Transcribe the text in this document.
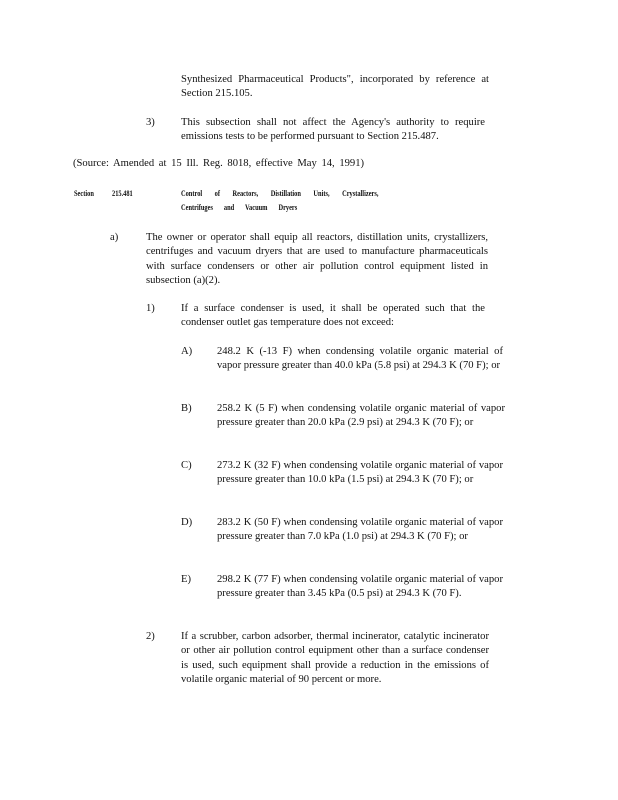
Synthesized Pharmaceutical Products", incorporated by reference at Section 215.105.
3) This subsection shall not affect the Agency's authority to require emissions tests to be performed pursuant to Section 215.487.
(Source: Amended at 15 Ill. Reg. 8018, effective May 14, 1991)
Section 215.481	Control of Reactors, Distillation Units, Crystallizers,
Centrifuges and Vacuum Dryers
a)	The owner or operator shall equip all reactors, distillation units, crystallizers, centrifuges and vacuum dryers that are used to manufacture pharmaceuticals with surface condensers or other air pollution control equipment listed in subsection (a)(2).
1) If a surface condenser is used, it shall be operated such that the condenser outlet gas temperature does not exceed:
A) 248.2 K (-13 F) when condensing volatile organic material of vapor pressure greater than 40.0 kPa (5.8 psi) at 294.3 K (70 F); or
B) 258.2 K (5 F) when condensing volatile organic material of vapor pressure greater than 20.0 kPa (2.9 psi) at 294.3 K (70 F); or
C) 273.2 K (32 F) when condensing volatile organic material of vapor pressure greater than 10.0 kPa (1.5 psi) at 294.3 K (70 F); or
D) 283.2 K (50 F) when condensing volatile organic material of vapor pressure greater than 7.0 kPa (1.0 psi) at 294.3 K (70 F); or
E) 298.2 K (77 F) when condensing volatile organic material of vapor pressure greater than 3.45 kPa (0.5 psi) at 294.3 K (70 F).
2) If a scrubber, carbon adsorber, thermal incinerator, catalytic incinerator or other air pollution control equipment other than a surface condenser is used, such equipment shall provide a reduction in the emissions of volatile organic material of 90 percent or more.
